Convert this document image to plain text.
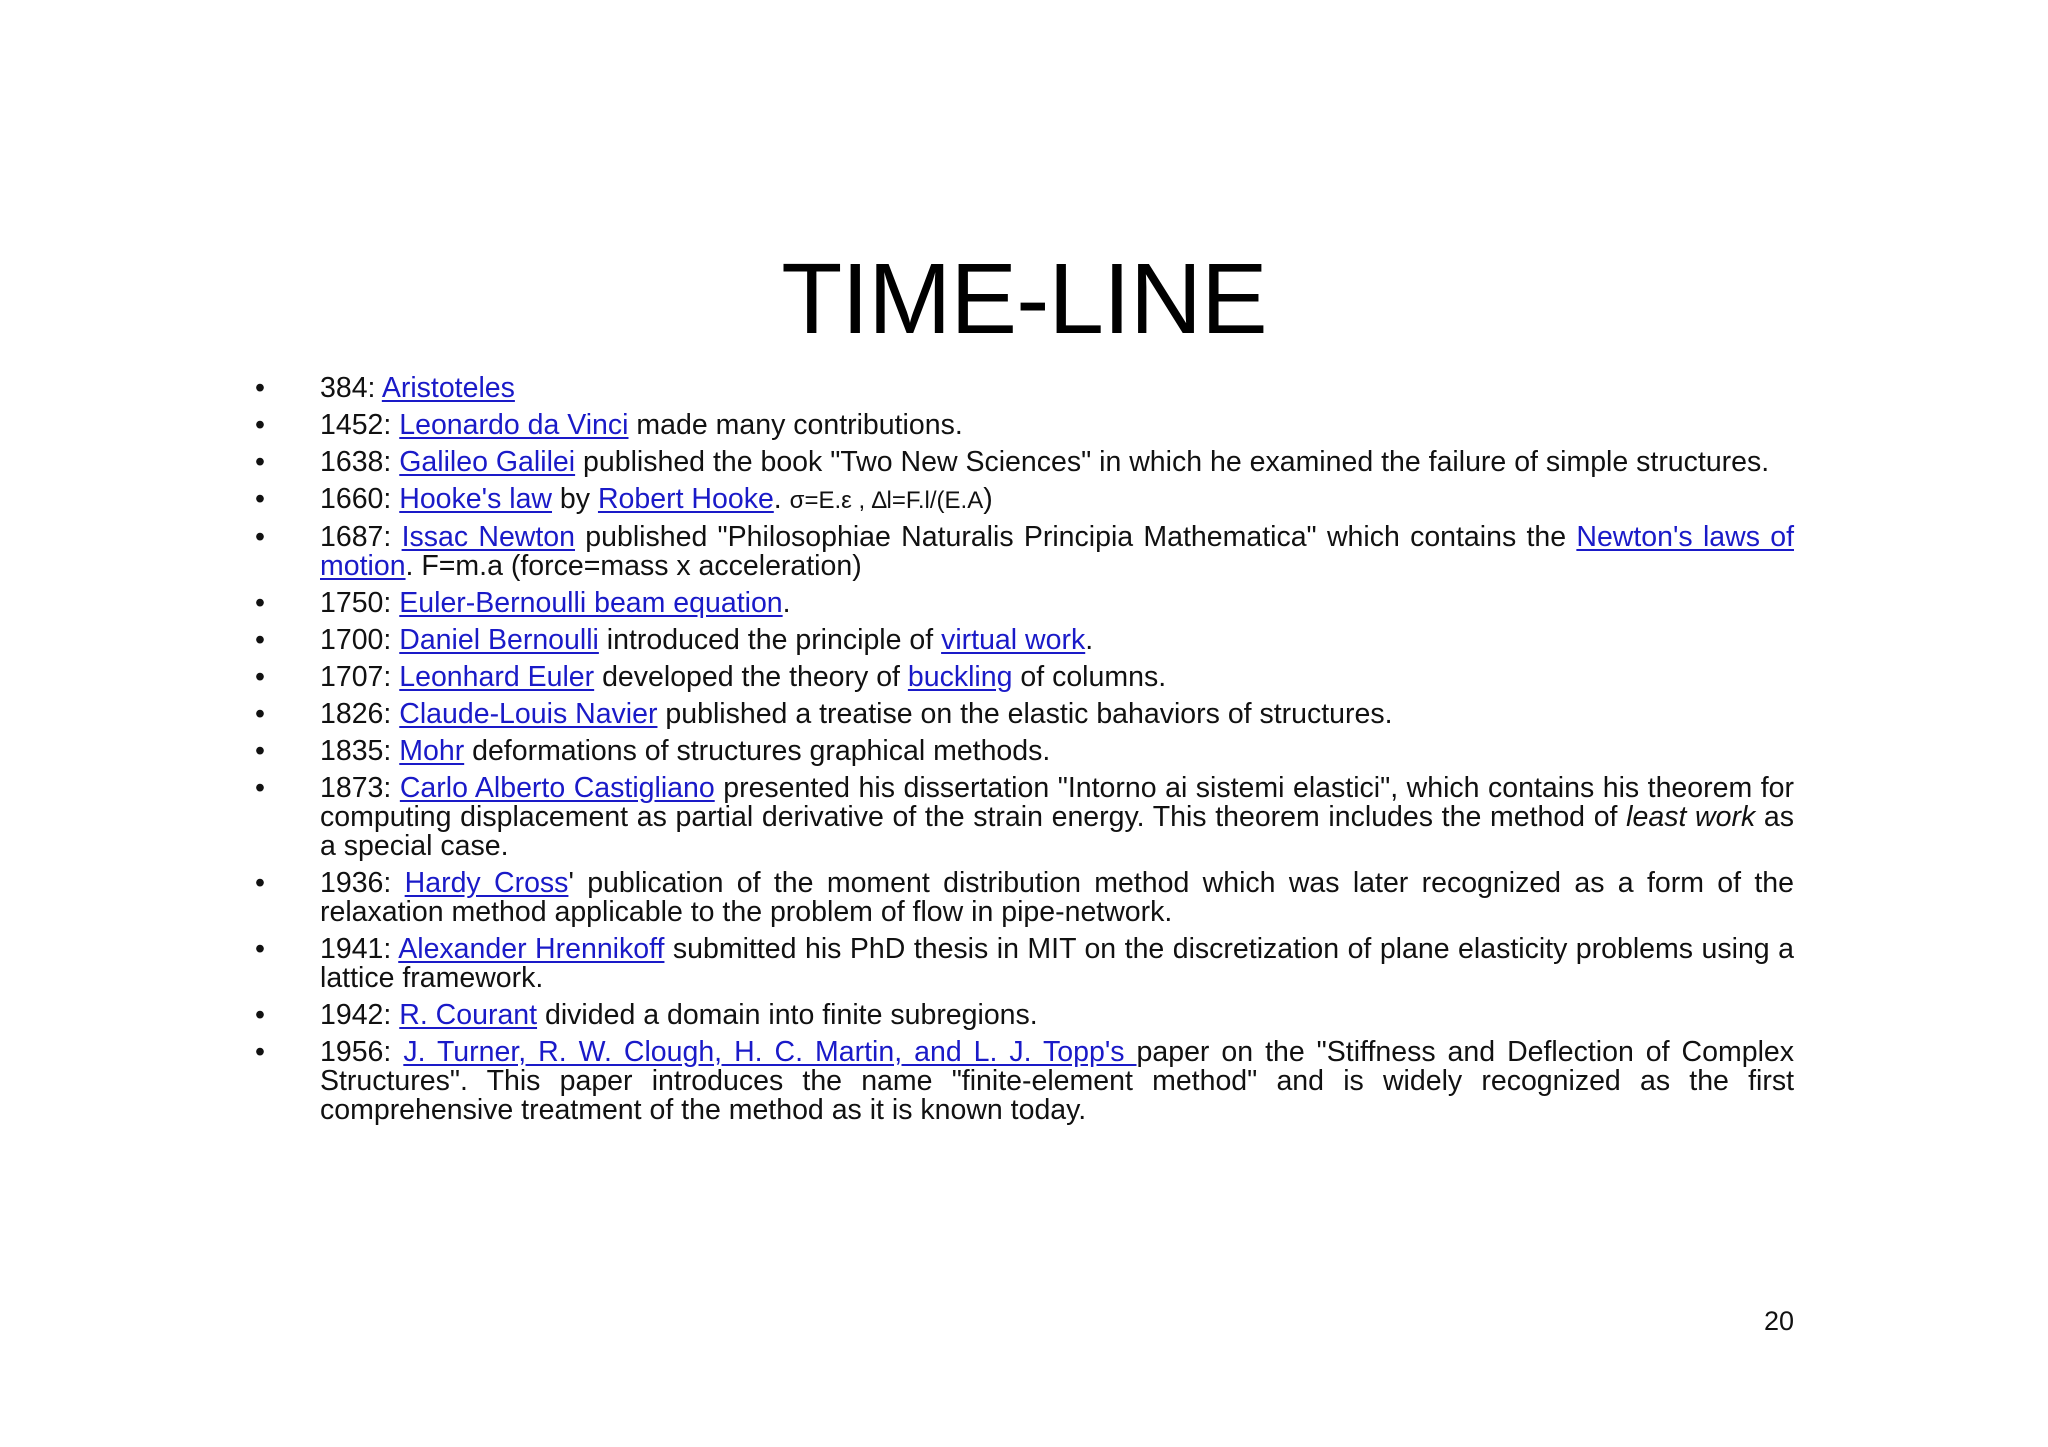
TIME-LINE
• 384: Aristoteles
• 1452: Leonardo da Vinci made many contributions.
• 1638: Galileo Galilei published the book "Two New Sciences" in which he examined the failure of simple structures.
• 1660: Hooke's law by Robert Hooke. σ=E.ε , ∆l=F.l/(E.A)
• 1687: Issac Newton published "Philosophiae Naturalis Principia Mathematica" which contains the Newton's laws of motion. F=m.a (force=mass x acceleration)
• 1750: Euler-Bernoulli beam equation.
• 1700: Daniel Bernoulli introduced the principle of virtual work.
• 1707: Leonhard Euler developed the theory of buckling of columns.
• 1826: Claude-Louis Navier published a treatise on the elastic bahaviors of structures.
• 1835: Mohr deformations of structures graphical methods.
• 1873: Carlo Alberto Castigliano presented his dissertation "Intorno ai sistemi elastici", which contains his theorem for computing displacement as partial derivative of the strain energy. This theorem includes the method of least work as a special case.
• 1936: Hardy Cross' publication of the moment distribution method which was later recognized as a form of the relaxation method applicable to the problem of flow in pipe-network.
• 1941: Alexander Hrennikoff submitted his PhD thesis in MIT on the discretization of plane elasticity problems using a lattice framework.
• 1942: R. Courant divided a domain into finite subregions.
• 1956: J. Turner, R. W. Clough, H. C. Martin, and L. J. Topp's paper on the "Stiffness and Deflection of Complex Structures". This paper introduces the name "finite-element method" and is widely recognized as the first comprehensive treatment of the method as it is known today.
20
